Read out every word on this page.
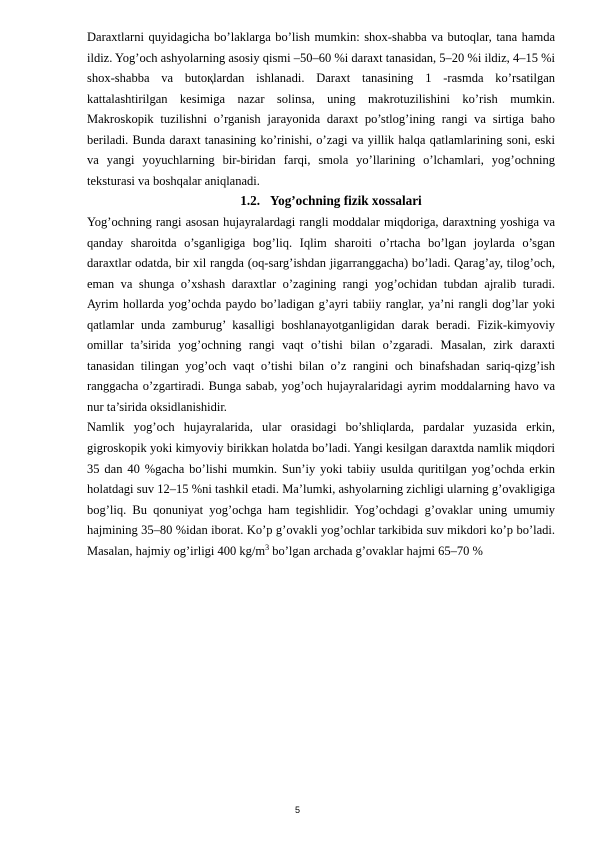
Daraxtlarni quyidagicha bo’laklarga bo’lish mumkin: shox-shabba va butoqlar, tana hamda ildiz. Yog’och ashyolarning asosiy qismi –50–60 %i daraxt tanasidan, 5–20 %i ildiz, 4–15 %i shox-shabba va butoқlardan ishlanadi. Daraxt tanasining 1 -rasmda ko’rsatilgan kattalashtirilgan kesimiga nazar solinsa, uning makrotuzilishini ko’rish mumkin. Makroskopik tuzilishni o’rganish jarayonida daraxt po’stlog’ining rangi va sirtiga baho beriladi. Bunda daraxt tanasining ko’rinishi, o’zagi va yillik halqa qatlamlarining soni, eski va yangi yoyuchlarning bir-biridan farqi, smola yo’llarining o’lchamlari, yog’ochning teksturasi va boshqalar aniqlanadi.

1.2. Yog’ochning fizik xossalari

Yog’ochning rangi asosan hujayralardagi rangli moddalar miqdoriga, daraxtning yoshiga va qanday sharoitda o’sganligiga bog’liq. Iqlim sharoiti o’rtacha bo’lgan joylarda o’sgan daraxtlar odatda, bir xil rangda (oq-sarg’ishdan jigarranggacha) bo’ladi. Qarag’ay, tilog’och, eman va shunga o’xshash daraxtlar o’zagining rangi yog’ochidan tubdan ajralib turadi. Ayrim hollarda yog’ochda paydo bo’ladigan g’ayri tabiiy ranglar, ya’ni rangli dog’lar yoki qatlamlar unda zamburug’ kasalligi boshlanayotganligidan darak beradi. Fizik-kimyoviy omillar ta’sirida yog’ochning rangi vaqt o’tishi bilan o’zgaradi. Masalan, zirk daraxti tanasidan tilingan yog’och vaqt o’tishi bilan o’z rangini och binafshadan sariq-qizg’ish ranggacha o’zgartiradi. Bunga sabab, yog’och hujayralaridagi ayrim moddalarning havo va nur ta’sirida oksidlanishidir.

Namlik yog’och hujayralarida, ular orasidagi bo’shliqlarda, pardalar yuzasida erkin, gigroskopik yoki kimyoviy birikkan holatda bo’ladi. Yangi kesilgan daraxtda namlik miqdori 35 dan 40 %gacha bo’lishi mumkin. Sun’iy yoki tabiiy usulda quritilgan yog’ochda erkin holatdagi suv 12–15 %ni tashkil etadi. Ma’lumki, ashyolarning zichligi ularning g’ovakligiga bog’liq. Bu qonuniyat yog’ochga ham tegishlidir. Yog’ochdagi g’ovaklar uning umumiy hajmining 35–80 %idan iborat. Ko’p g’ovakli yog’ochlar tarkibida suv mikdori ko’p bo’ladi. Masalan, hajmiy og’irligi 400 $kg/m^3$ bo’lgan archada g’ovaklar hajmi 65–70 %

5
